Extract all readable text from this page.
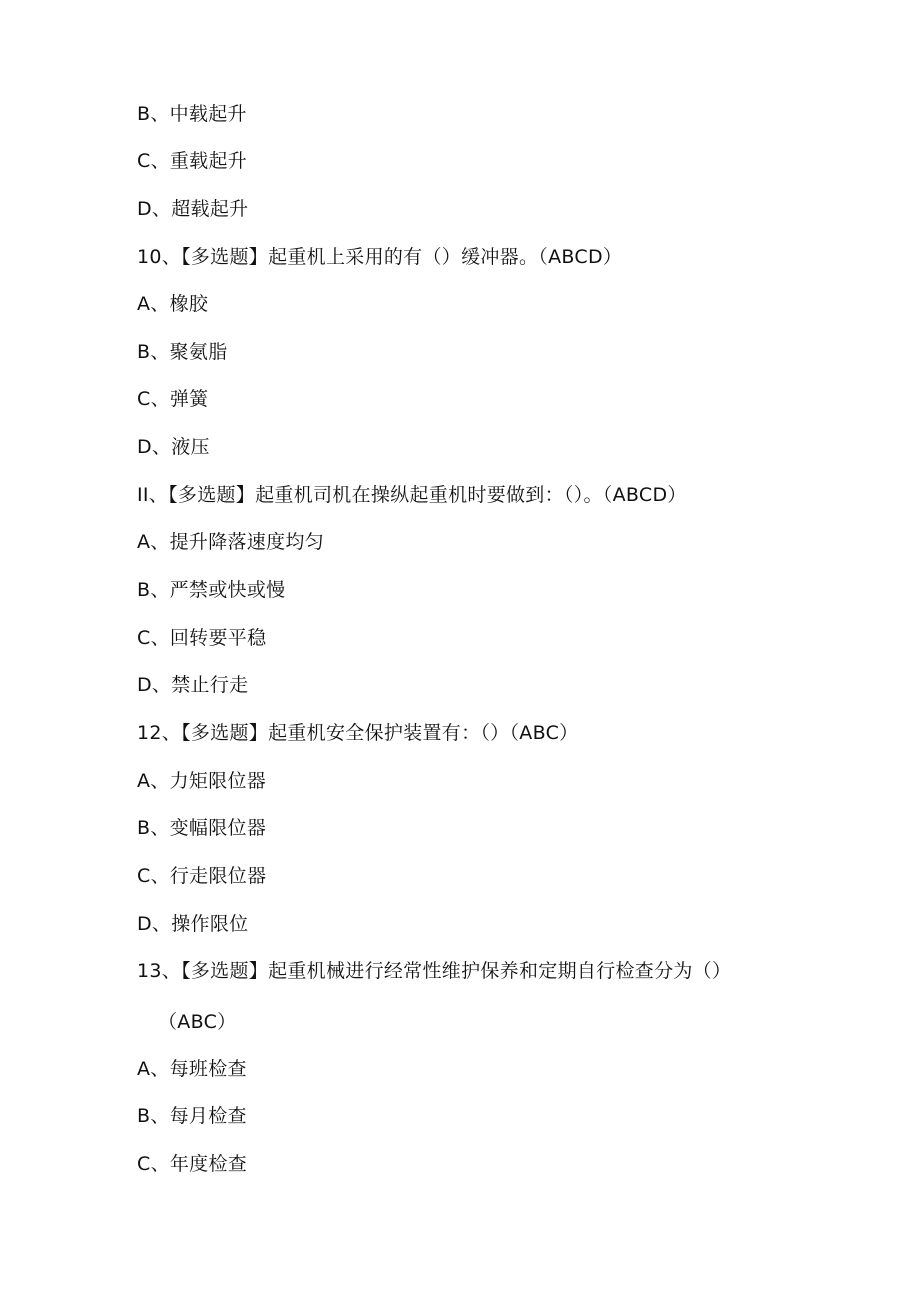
B、中载起升
C、重载起升
D、超载起升
10、【多选题】起重机上采用的有（）缓冲器。（ABCD）
A、橡胶
B、聚氨脂
C、弹簧
D、液压
II、【多选题】起重机司机在操纵起重机时要做到：（）。（ABCD）
A、提升降落速度均匀
B、严禁或快或慢
C、回转要平稳
D、禁止行走
12、【多选题】起重机安全保护装置有：（）（ABC）
A、力矩限位器
B、变幅限位器
C、行走限位器
D、操作限位
13、【多选题】起重机械进行经常性维护保养和定期自行检查分为（）
（ABC）
A、每班检查
B、每月检查
C、年度检查
